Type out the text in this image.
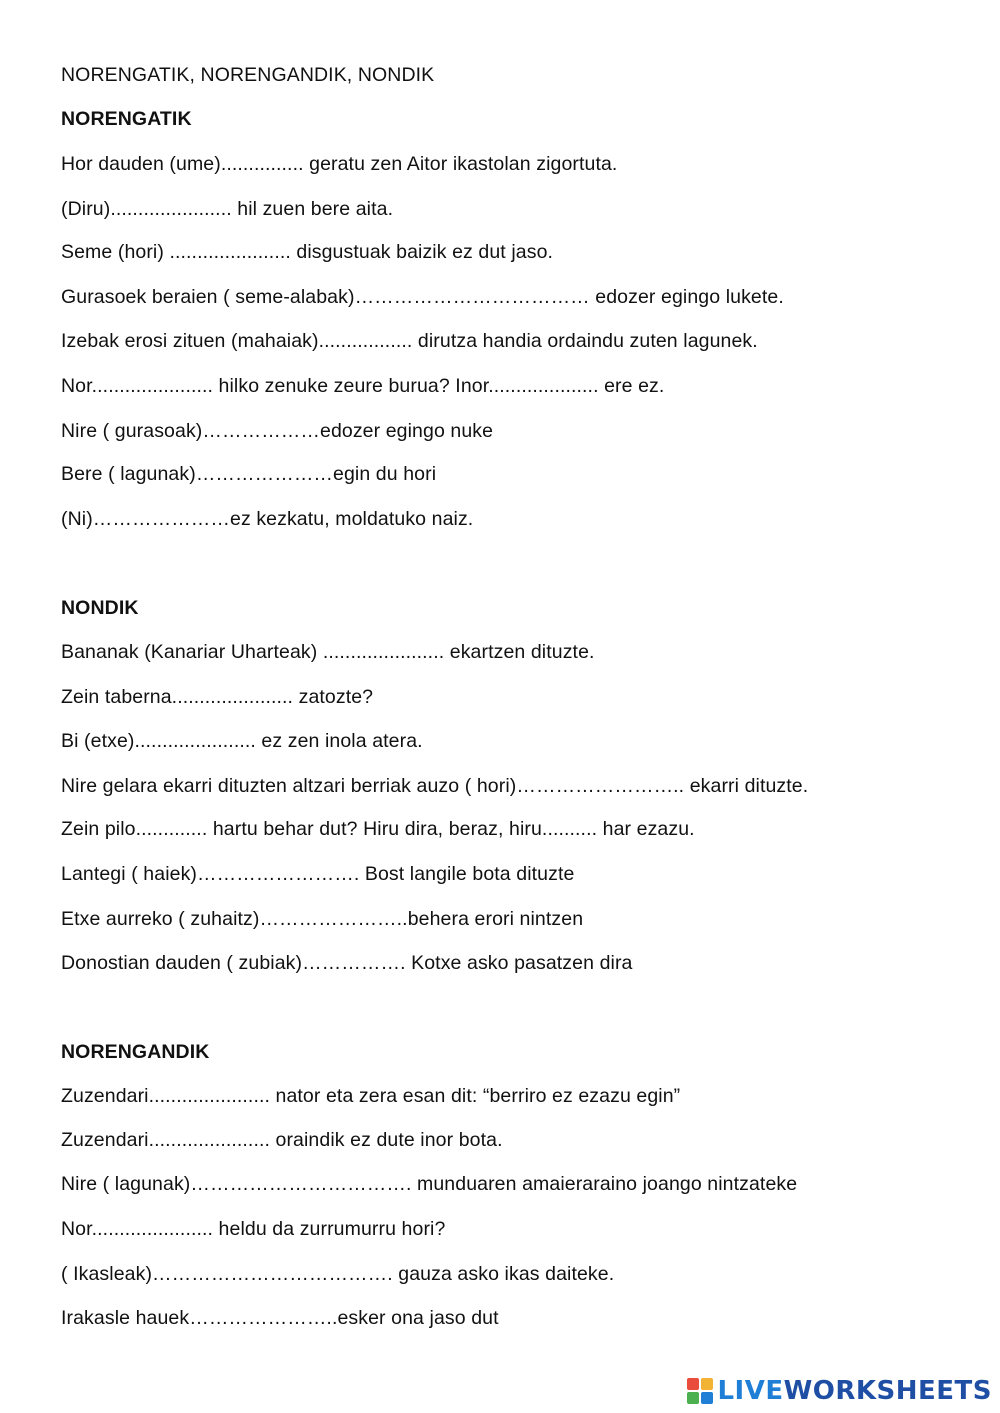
NORENGATIK, NORENGANDIK, NONDIK
NORENGATIK
Hor dauden (ume)............... geratu zen Aitor ikastolan zigortuta.
(Diru)...................... hil zuen bere aita.
Seme (hori) ...................... disgustuak baizik ez dut jaso.
Gurasoek beraien ( seme-alabak)……………………………… edozer egingo lukete.
Izebak erosi zituen (mahaiak)................. dirutza handia ordaindu zuten lagunek.
Nor...................... hilko zenuke zeure burua? Inor.................... ere ez.
Nire ( gurasoak)………………edozer egingo nuke
Bere ( lagunak)…………………egin du hori
(Ni)…………………ez kezkatu, moldatuko naiz.
NONDIK
Bananak (Kanariar Uharteak) ...................... ekartzen dituzte.
Zein taberna...................... zatozte?
Bi (etxe)...................... ez zen inola atera.
Nire gelara ekarri dituzten altzari berriak auzo ( hori)…………………….. ekarri dituzte.
Zein pilo............. hartu behar dut? Hiru dira, beraz, hiru.......... har ezazu.
Lantegi ( haiek)……………………. Bost langile bota dituzte
Etxe aurreko ( zuhaitz)…………………..behera erori nintzen
Donostian dauden ( zubiak)……………. Kotxe asko pasatzen dira
NORENGANDIK
Zuzendari...................... nator eta zera esan dit: “berriro ez ezazu egin”
Zuzendari...................... oraindik ez dute inor bota.
Nire ( lagunak)……………………………. munduaren amaieraraino joango nintzateke
Nor...................... heldu da zurrumurru hori?
( Ikasleak)………………………………. gauza asko ikas daiteke.
Irakasle hauek…………………..esker ona jaso dut
LIVEWORKSHEETS
